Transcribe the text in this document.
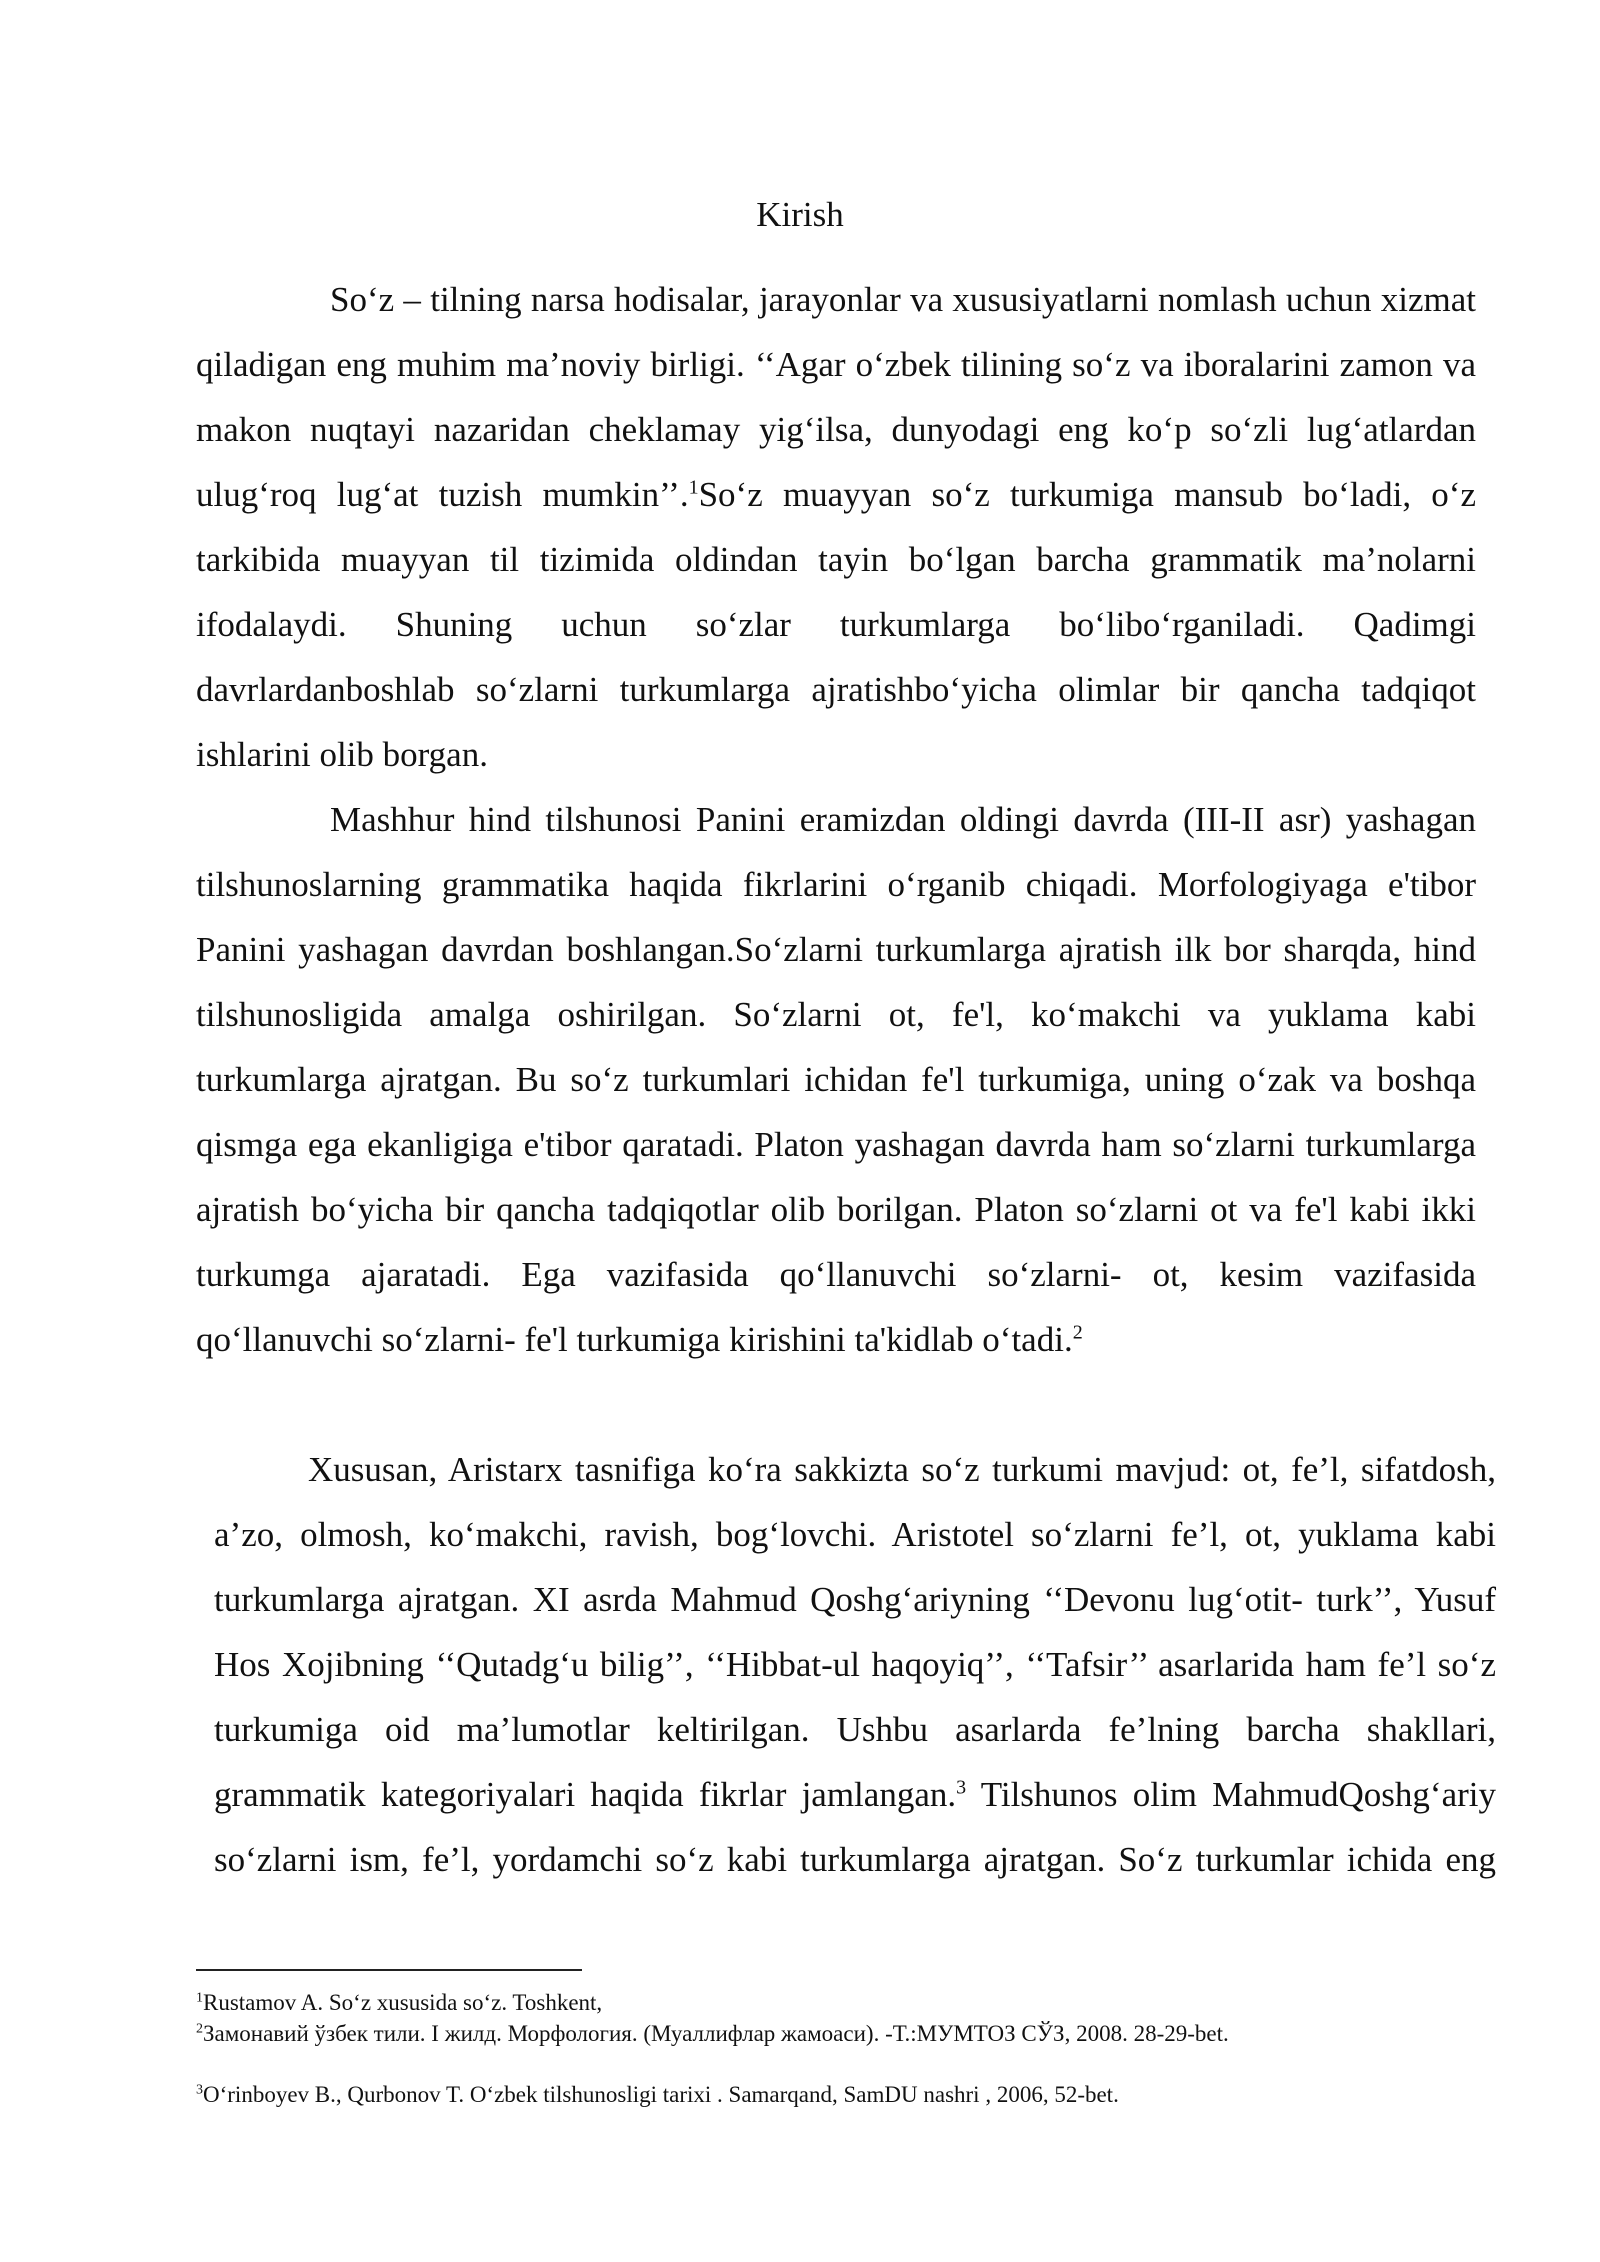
Kirish

So‘z – tilning narsa hodisalar, jarayonlar va xususiyatlarni nomlash uchun xizmat qiladigan eng muhim ma’noviy birligi. ‘‘Agar o‘zbek tilining so‘z va iboralarini zamon va makon nuqtayi nazaridan cheklamay yig‘ilsa, dunyodagi eng ko‘p so‘zli lug‘atlardan ulug‘roq lug‘at tuzish mumkin’’.$^1$So‘z muayyan so‘z turkumiga mansub bo‘ladi, o‘z tarkibida muayyan til tizimida oldindan tayin bo‘lgan barcha grammatik ma’nolarni ifodalaydi. Shuning uchun so‘zlar turkumlarga bo‘libo‘rganiladi. Qadimgi davrlardanboshlab so‘zlarni turkumlarga ajratishbo‘yicha olimlar bir qancha tadqiqot ishlarini olib borgan.

Mashhur hind tilshunosi Panini eramizdan oldingi davrda (III-II asr) yashagan tilshunoslarning grammatika haqida fikrlarini o‘rganib chiqadi. Morfologiyaga e'tibor Panini yashagan davrdan boshlangan.So‘zlarni turkumlarga ajratish ilk bor sharqda, hind tilshunosligida amalga oshirilgan. So‘zlarni ot, fe'l, ko‘makchi va yuklama kabi turkumlarga ajratgan. Bu so‘z turkumlari ichidan fe'l turkumiga, uning o‘zak va boshqa qismga ega ekanligiga e'tibor qaratadi. Platon yashagan davrda ham so‘zlarni turkumlarga ajratish bo‘yicha bir qancha tadqiqotlar olib borilgan. Platon so‘zlarni ot va fe'l kabi ikki turkumga ajaratadi. Ega vazifasida qo‘llanuvchi so‘zlarni- ot, kesim vazifasida qo‘llanuvchi so‘zlarni- fe'l turkumiga kirishini ta'kidlab o‘tadi.$^2$

Xususan, Aristarx tasnifiga ko‘ra sakkizta so‘z turkumi mavjud: ot, fe’l, sifatdosh, a’zo, olmosh, ko‘makchi, ravish, bog‘lovchi. Aristotel so‘zlarni fe’l, ot, yuklama kabi turkumlarga ajratgan. XI asrda Mahmud Qoshg‘ariyning ‘‘Devonu lug‘otit- turk’’, Yusuf Hos Xojibning ‘‘Qutadg‘u bilig’’, ‘‘Hibbat-ul haqoyiq’’, ‘‘Tafsir’’ asarlarida ham fe’l so‘z turkumiga oid ma’lumotlar keltirilgan. Ushbu asarlarda fe’lning barcha shakllari, grammatik kategoriyalari haqida fikrlar jamlangan.$^3$ Tilshunos olim MahmudQoshg‘ariy so‘zlarni ism, fe’l, yordamchi so‘z kabi turkumlarga ajratgan. So‘z turkumlar ichida eng

$^1$Rustamov A. So‘z xususida so‘z. Toshkent,

$^2$Замонавий ўзбек тили. I жилд. Морфология. (Муаллифлар жамоаси). -Т.:МУМТОЗ СЎЗ, 2008. 28-29-bet.

$^3$O‘rinboyev B., Qurbonov T. O‘zbek tilshunosligi tarixi . Samarqand, SamDU nashri , 2006, 52-bet.
